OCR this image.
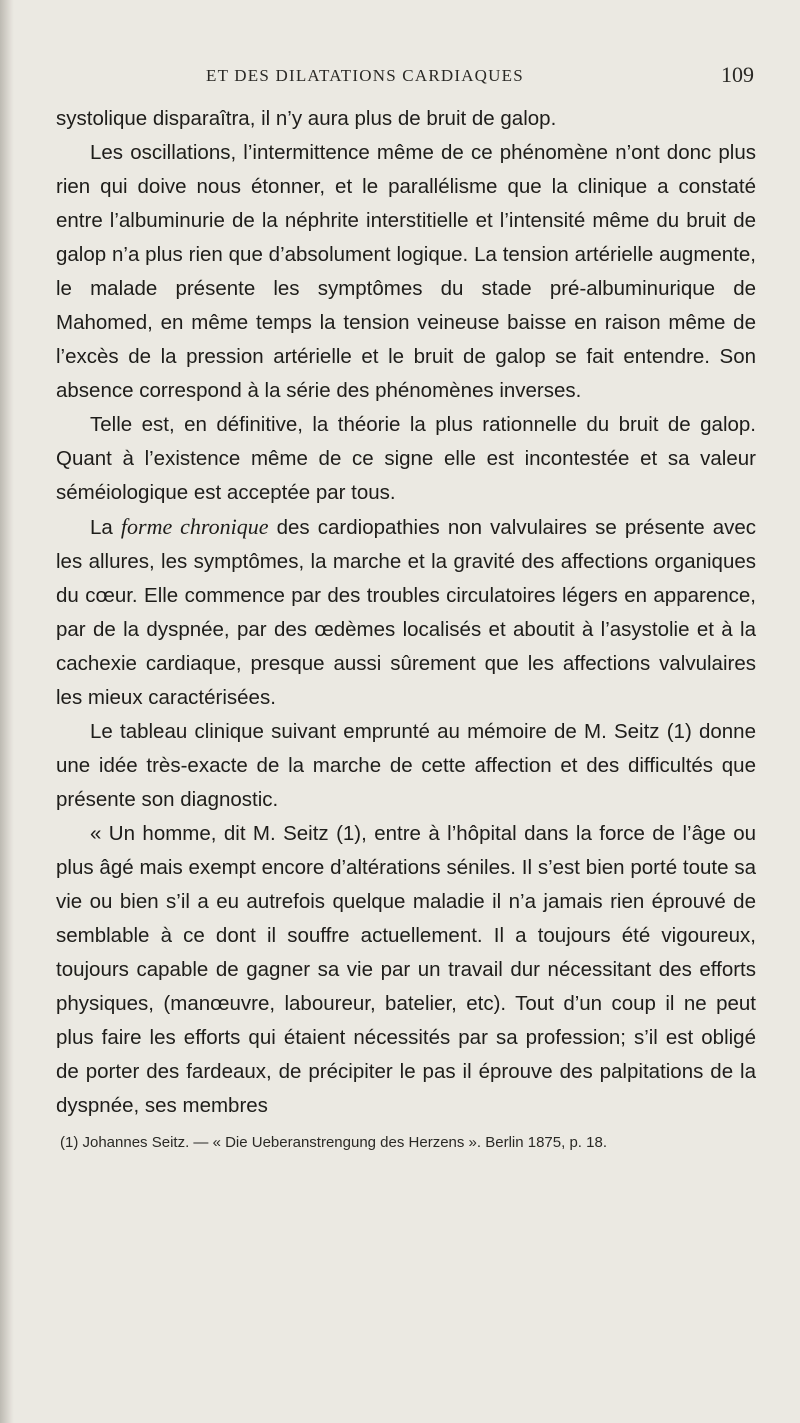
ET DES DILATATIONS CARDIAQUES	109

systolique disparaîtra, il n’y aura plus de bruit de galop.

Les oscillations, l’intermittence même de ce phénomène n’ont donc plus rien qui doive nous étonner, et le parallélisme que la clinique a constaté entre l’albuminurie de la néphrite interstitielle et l’intensité même du bruit de galop n’a plus rien que d’absolument logique. La tension artérielle augmente, le malade présente les symptômes du stade pré-albuminurique de Mahomed, en même temps la tension veineuse baisse en raison même de l’excès de la pression artérielle et le bruit de galop se fait entendre. Son absence correspond à la série des phénomènes inverses.

Telle est, en définitive, la théorie la plus rationnelle du bruit de galop. Quant à l’existence même de ce signe elle est incontestée et sa valeur séméiologique est acceptée par tous.

La forme chronique des cardiopathies non valvulaires se présente avec les allures, les symptômes, la marche et la gravité des affections organiques du cœur. Elle commence par des troubles circulatoires légers en apparence, par de la dyspnée, par des œdèmes localisés et aboutit à l’asystolie et à la cachexie cardiaque, presque aussi sûrement que les affections valvulaires les mieux caractérisées.

Le tableau clinique suivant emprunté au mémoire de M. Seitz (1) donne une idée très-exacte de la marche de cette affection et des difficultés que présente son diagnostic.

« Un homme, dit M. Seitz (1), entre à l’hôpital dans la force de l’âge ou plus âgé mais exempt encore d’altérations séniles. Il s’est bien porté toute sa vie ou bien s’il a eu autrefois quelque maladie il n’a jamais rien éprouvé de semblable à ce dont il souffre actuellement. Il a toujours été vigoureux, toujours capable de gagner sa vie par un travail dur nécessitant des efforts physiques, (manœuvre, laboureur, batelier, etc). Tout d’un coup il ne peut plus faire les efforts qui étaient nécessités par sa profession; s’il est obligé de porter des fardeaux, de précipiter le pas il éprouve des palpitations de la dyspnée, ses membres

(1) Johannes Seitz. — « Die Ueberanstrengung des Herzens ». Berlin 1875, p. 18.
